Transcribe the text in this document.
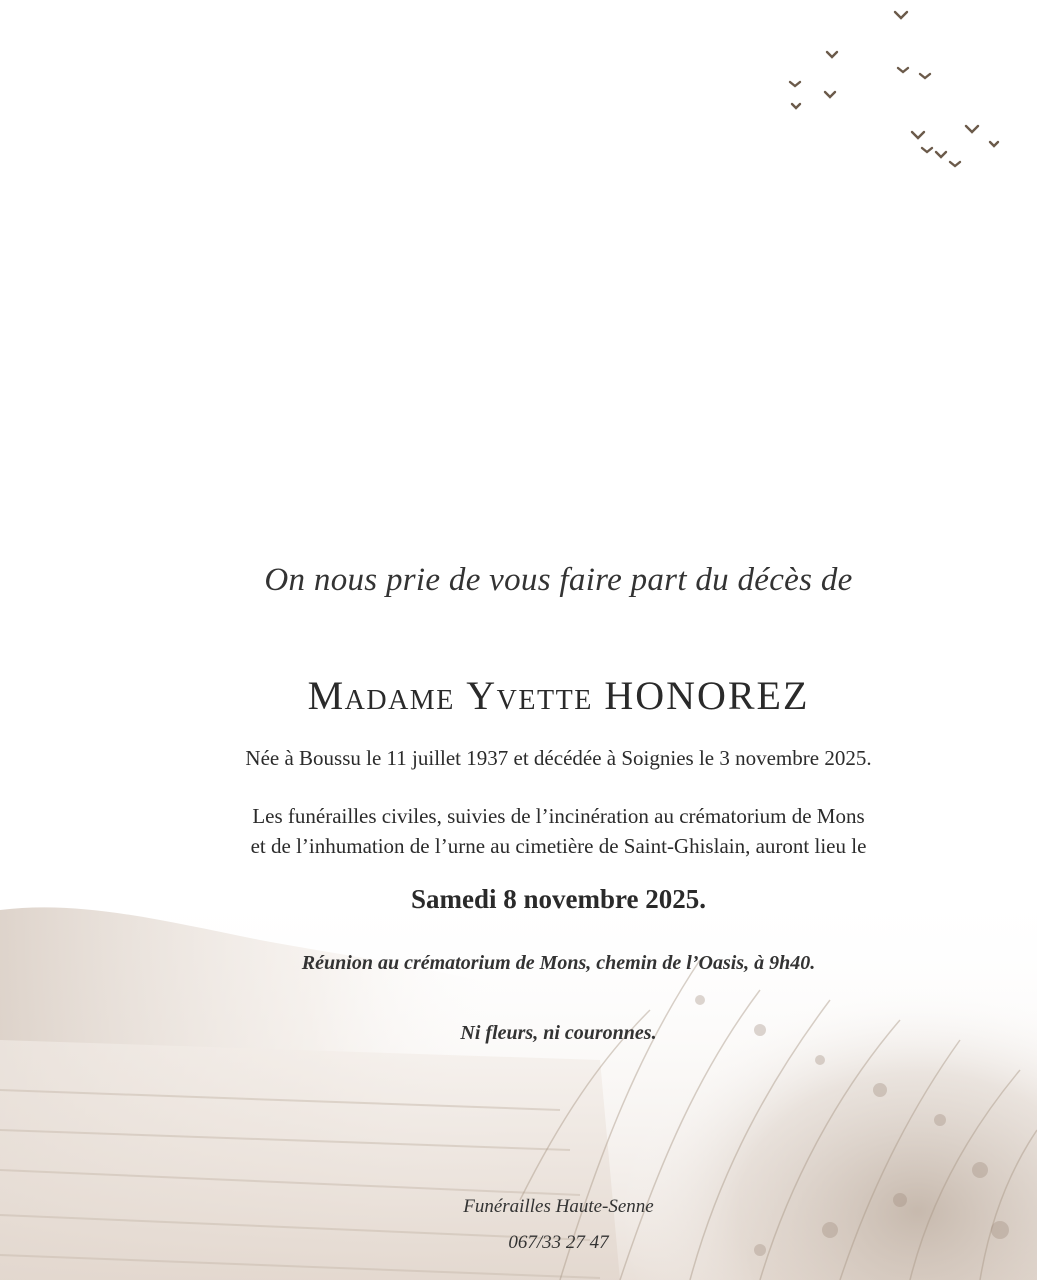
On nous prie de vous faire part du décès de
Madame Yvette HONOREZ
Née à Boussu le 11 juillet 1937 et décédée à Soignies le 3 novembre 2025.
Les funérailles civiles, suivies de l’incinération au crématorium de Mons
et de l’inhumation de l’urne au cimetière de Saint-Ghislain, auront lieu le
Samedi 8 novembre 2025.
Réunion au crématorium de Mons, chemin de l’Oasis, à 9h40.
Ni fleurs, ni couronnes.
Funérailles Haute-Senne
067/33 27 47
